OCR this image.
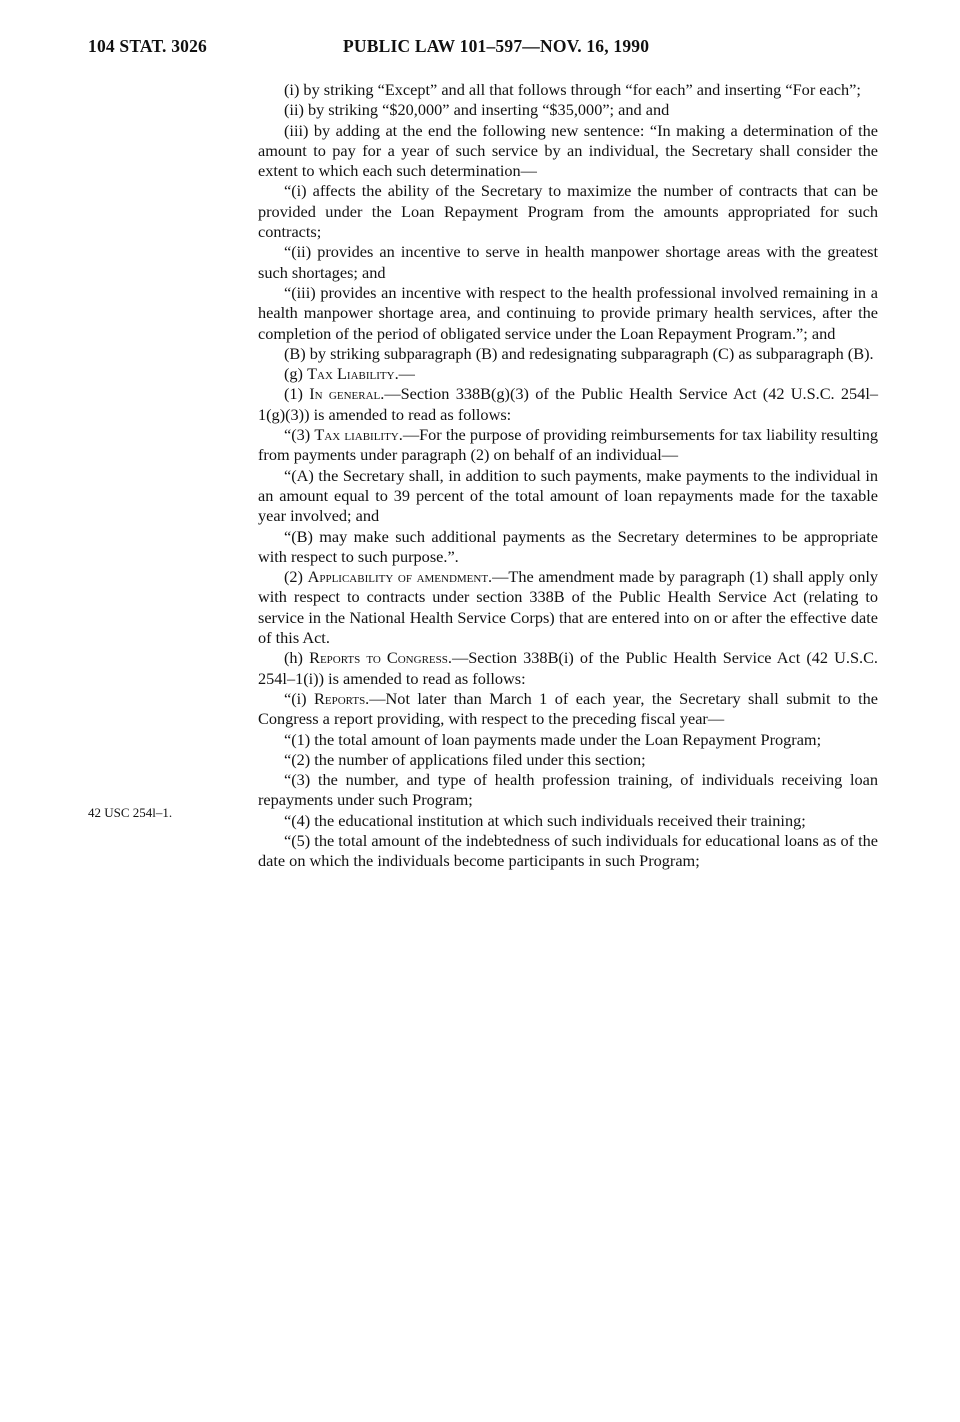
104 STAT. 3026	PUBLIC LAW 101–597—NOV. 16, 1990
42 USC 254l–1.

(i) by striking “Except” and all that follows through “for each” and inserting “For each”;

(ii) by striking “$20,000” and inserting “$35,000”; and and

(iii) by adding at the end the following new sentence: “In making a determination of the amount to pay for a year of such service by an individual, the Secretary shall consider the extent to which each such determination—

“(i) affects the ability of the Secretary to maximize the number of contracts that can be provided under the Loan Repayment Program from the amounts appropriated for such contracts;

“(ii) provides an incentive to serve in health manpower shortage areas with the greatest such shortages; and

“(iii) provides an incentive with respect to the health professional involved remaining in a health manpower shortage area, and continuing to provide primary health services, after the completion of the period of obligated service under the Loan Repayment Program.”; and

(B) by striking subparagraph (B) and redesignating subparagraph (C) as subparagraph (B).

(g) Tax Liability.—

(1) In general.—Section 338B(g)(3) of the Public Health Service Act (42 U.S.C. 254l–1(g)(3)) is amended to read as follows:

“(3) Tax liability.—For the purpose of providing reimbursements for tax liability resulting from payments under paragraph (2) on behalf of an individual—

“(A) the Secretary shall, in addition to such payments, make payments to the individual in an amount equal to 39 percent of the total amount of loan repayments made for the taxable year involved; and

“(B) may make such additional payments as the Secretary determines to be appropriate with respect to such purpose.”.

(2) Applicability of amendment.—The amendment made by paragraph (1) shall apply only with respect to contracts under section 338B of the Public Health Service Act (relating to service in the National Health Service Corps) that are entered into on or after the effective date of this Act.

(h) Reports to Congress.—Section 338B(i) of the Public Health Service Act (42 U.S.C. 254l–1(i)) is amended to read as follows:

“(i) Reports.—Not later than March 1 of each year, the Secretary shall submit to the Congress a report providing, with respect to the preceding fiscal year—

“(1) the total amount of loan payments made under the Loan Repayment Program;

“(2) the number of applications filed under this section;

“(3) the number, and type of health profession training, of individuals receiving loan repayments under such Program;

“(4) the educational institution at which such individuals received their training;

“(5) the total amount of the indebtedness of such individuals for educational loans as of the date on which the individuals become participants in such Program;
